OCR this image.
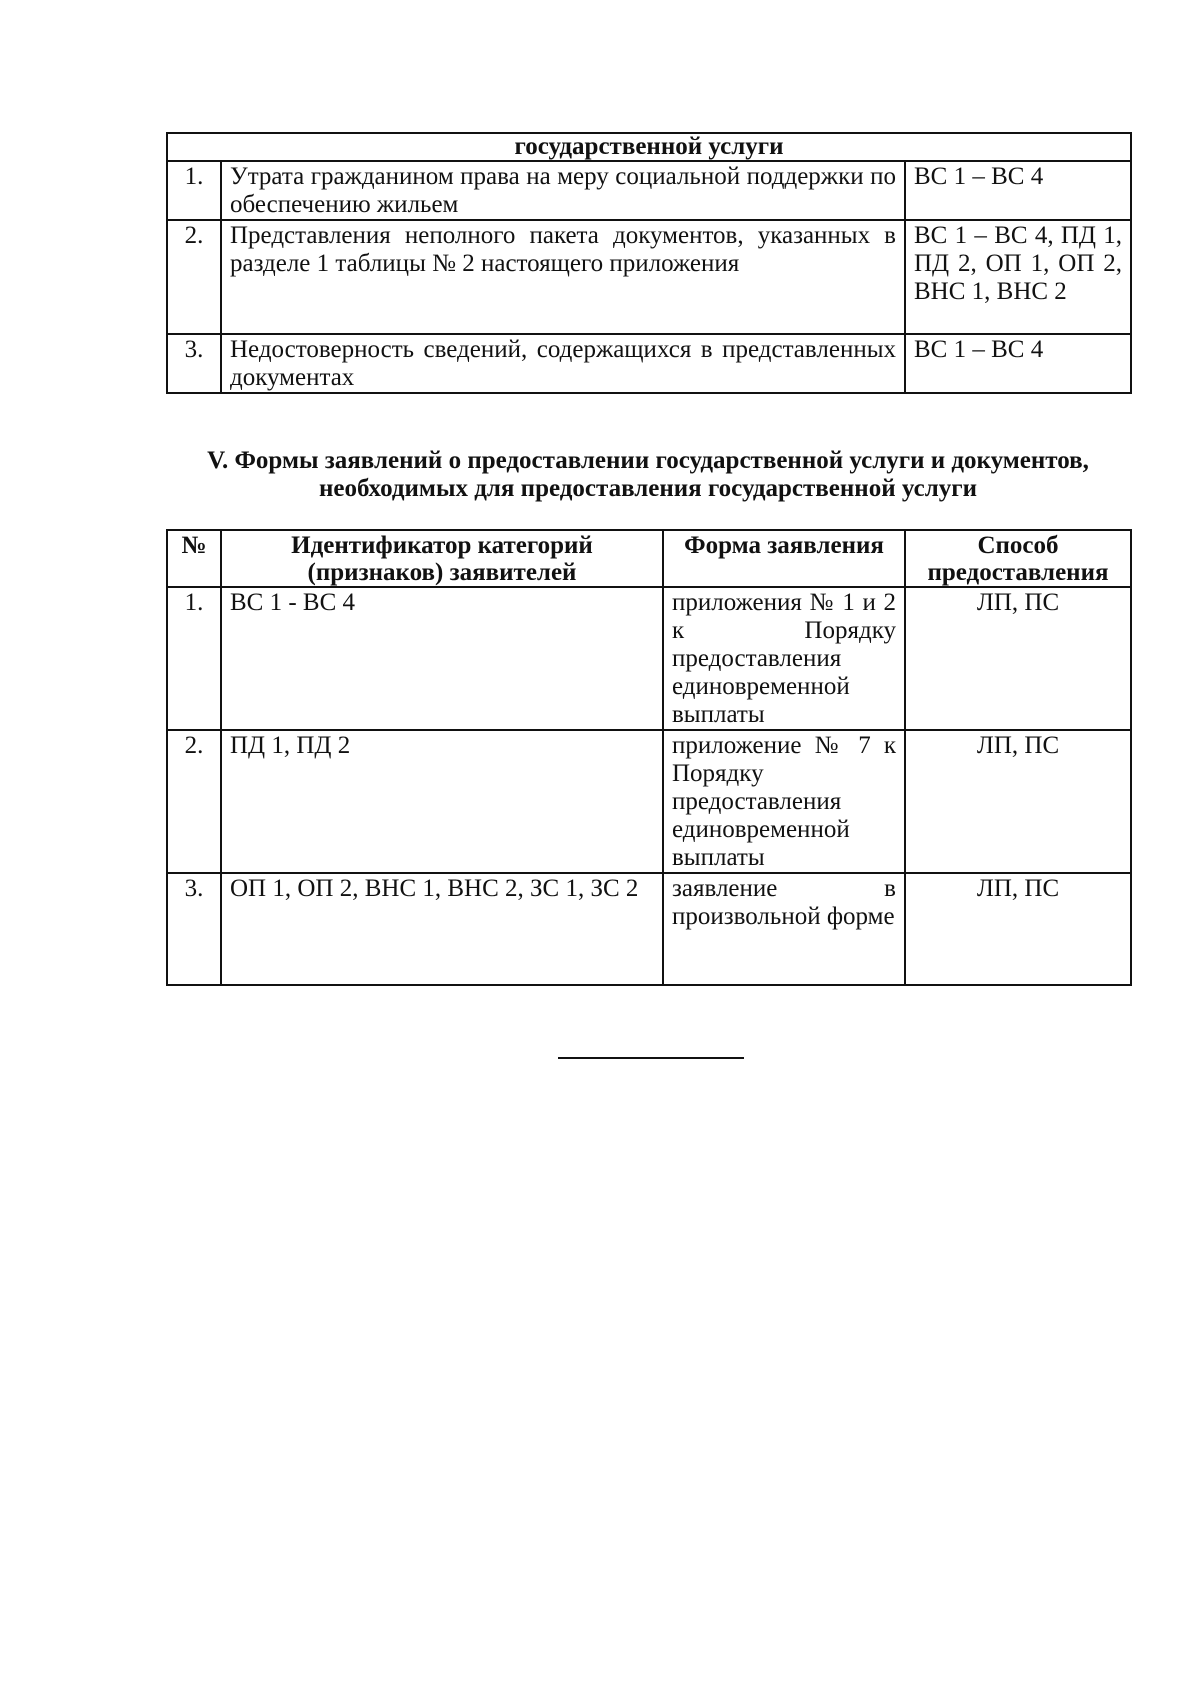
государственной услуги		
1.	Утрата гражданином права на меру социальной поддержки по обеспечению жильем	ВС 1 – ВС 4
2.	Представления неполного пакета документов, указанных в разделе 1 таблицы № 2 настоящего приложения	ВС 1 – ВС 4, ПД 1, ПД 2, ОП 1, ОП 2, ВНС 1, ВНС 2
3.	Недостоверность сведений, содержащихся в представленных документах	ВС 1 – ВС 4
V. Формы заявлений о предоставлении государственной услуги и документов,
необходимых для предоставления государственной услуги
№	Идентификатор категорий (признаков) заявителей	Форма заявления	Способ предоставления
1.	ВС 1 - ВС 4	приложения № 1 и 2 к Порядку предоставления единовременной выплаты	ЛП, ПС
2.	ПД 1, ПД 2	приложение № 7 к Порядку предоставления единовременной выплаты	ЛП, ПС
3.	ОП 1, ОП 2, ВНС 1, ВНС 2, ЗС 1, ЗС 2	заявление в произвольной форме	ЛП, ПС
